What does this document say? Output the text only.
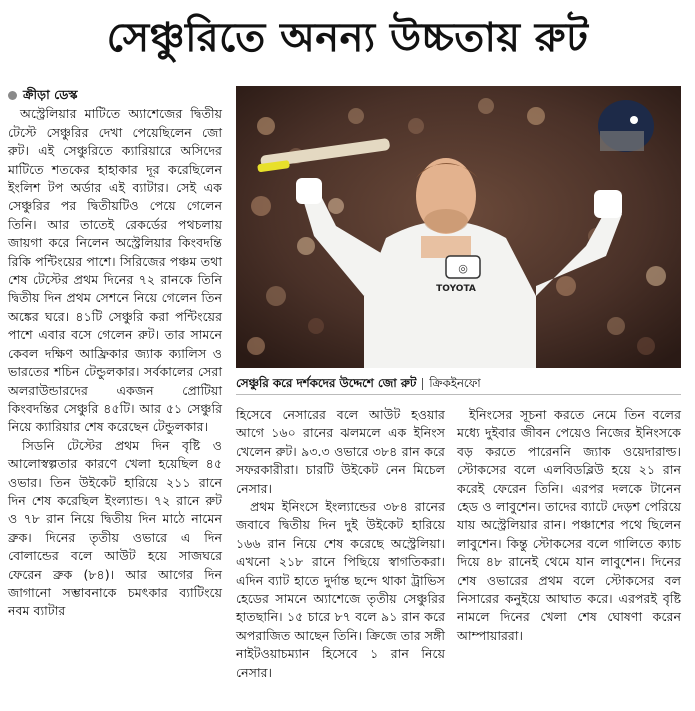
সেঞ্চুরিতে অনন্য উচ্চতায় রুট
ক্রীড়া ডেস্ক

অস্ট্রেলিয়ার মাটিতে অ্যাশেজের দ্বিতীয় টেস্টে সেঞ্চুরির দেখা পেয়েছিলেন জো রুট। এই সেঞ্চুরিতে ক্যারিয়ারে অসিদের মাটিতে শতকের হাহাকার দূর করেছিলেন ইংলিশ টপ অর্ডার এই ব্যাটার। সেই এক সেঞ্চুরির পর দ্বিতীয়টিও পেয়ে গেলেন তিনি। আর তাতেই রেকর্ডের পথচলায় জায়গা করে নিলেন অস্ট্রেলিয়ার কিংবদন্তি রিকি পন্টিংয়ের পাশে। সিরিজের পঞ্চম তথা শেষ টেস্টের প্রথম দিনের ৭২ রানকে তিনি দ্বিতীয় দিন প্রথম সেশনে নিয়ে গেলেন তিন অঙ্কের ঘরে। ৪১টি সেঞ্চুরি করা পন্টিংয়ের পাশে এবার বসে গেলেন রুট। তার সামনে কেবল দক্ষিণ আফ্রিকার জ্যাক ক্যালিস ও ভারতের শচিন টেন্ডুলকার। সর্বকালের সেরা অলরাউন্ডারদের একজন প্রোটিয়া কিংবদন্তির সেঞ্চুরি ৪৫টি। আর ৫১ সেঞ্চুরি নিয়ে ক্যারিয়ার শেষ করেছেন টেন্ডুলকার।

সিডনি টেস্টের প্রথম দিন বৃষ্টি ও আলোস্বল্পতার কারণে খেলা হয়েছিল ৪৫ ওভার। তিন উইকেট হারিয়ে ২১১ রানে দিন শেষ করেছিল ইংল্যান্ড। ৭২ রানে রুট ও ৭৮ রান নিয়ে দ্বিতীয় দিন মাঠে নামেন ব্রুক। দিনের তৃতীয় ওভারে এ দিন বোলান্ডের বলে আউট হয়ে সাজঘরে ফেরেন ব্রুক (৮৪)। আর আগের দিন জাগানো সম্ভাবনাকে চমৎকার ব্যাটিংয়ে নবম ব্যাটার

◎
TOYOTA
সেঞ্চুরি করে দর্শকদের উদ্দেশে জো রুট ক্রিকইনফো

হিসেবে নেসারের বলে আউট হওয়ার আগে ১৬০ রানের ঝলমলে এক ইনিংস খেলেন রুট। ৯৩.৩ ওভারে ৩৮৪ রান করে সফরকারীরা। চারটি উইকেট নেন মিচেল নেসার।

প্রথম ইনিংসে ইংল্যান্ডের ৩৮৪ রানের জবাবে দ্বিতীয় দিন দুই উইকেট হারিয়ে ১৬৬ রান নিয়ে শেষ করেছে অস্ট্রেলিয়া। এখনো ২১৮ রানে পিছিয়ে স্বাগতিকরা। এদিন ব্যাট হাতে দুর্দান্ত ছন্দে থাকা ট্রাভিস হেডের সামনে অ্যাশেজে তৃতীয় সেঞ্চুরির হাতছানি। ১৫ চারে ৮৭ বলে ৯১ রান করে অপরাজিত আছেন তিনি। ক্রিজে তার সঙ্গী নাইটওয়াচম্যান হিসেবে ১ রান নিয়ে নেসার।

ইনিংসের সূচনা করতে নেমে তিন বলের মধ্যে দুইবার জীবন পেয়েও নিজের ইনিংসকে বড় করতে পারেননি জ্যাক ওয়েদারাল্ড। স্টোকসের বলে এলবিডব্লিউ হয়ে ২১ রান করেই ফেরেন তিনি। এরপর দলকে টানেন হেড ও লাবুশেন। তাদের ব্যাটে দেড়শ পেরিয়ে যায় অস্ট্রেলিয়ার রান। পঞ্চাশের পথে ছিলেন লাবুশেন। কিন্তু স্টোকসের বলে গালিতে ক্যাচ দিয়ে ৪৮ রানেই থেমে যান লাবুশেন। দিনের শেষ ওভারের প্রথম বলে স্টোকসের বল নিসারের কনুইয়ে আঘাত করে। এরপরই বৃষ্টি নামলে দিনের খেলা শেষ ঘোষণা করেন আম্পায়াররা।
